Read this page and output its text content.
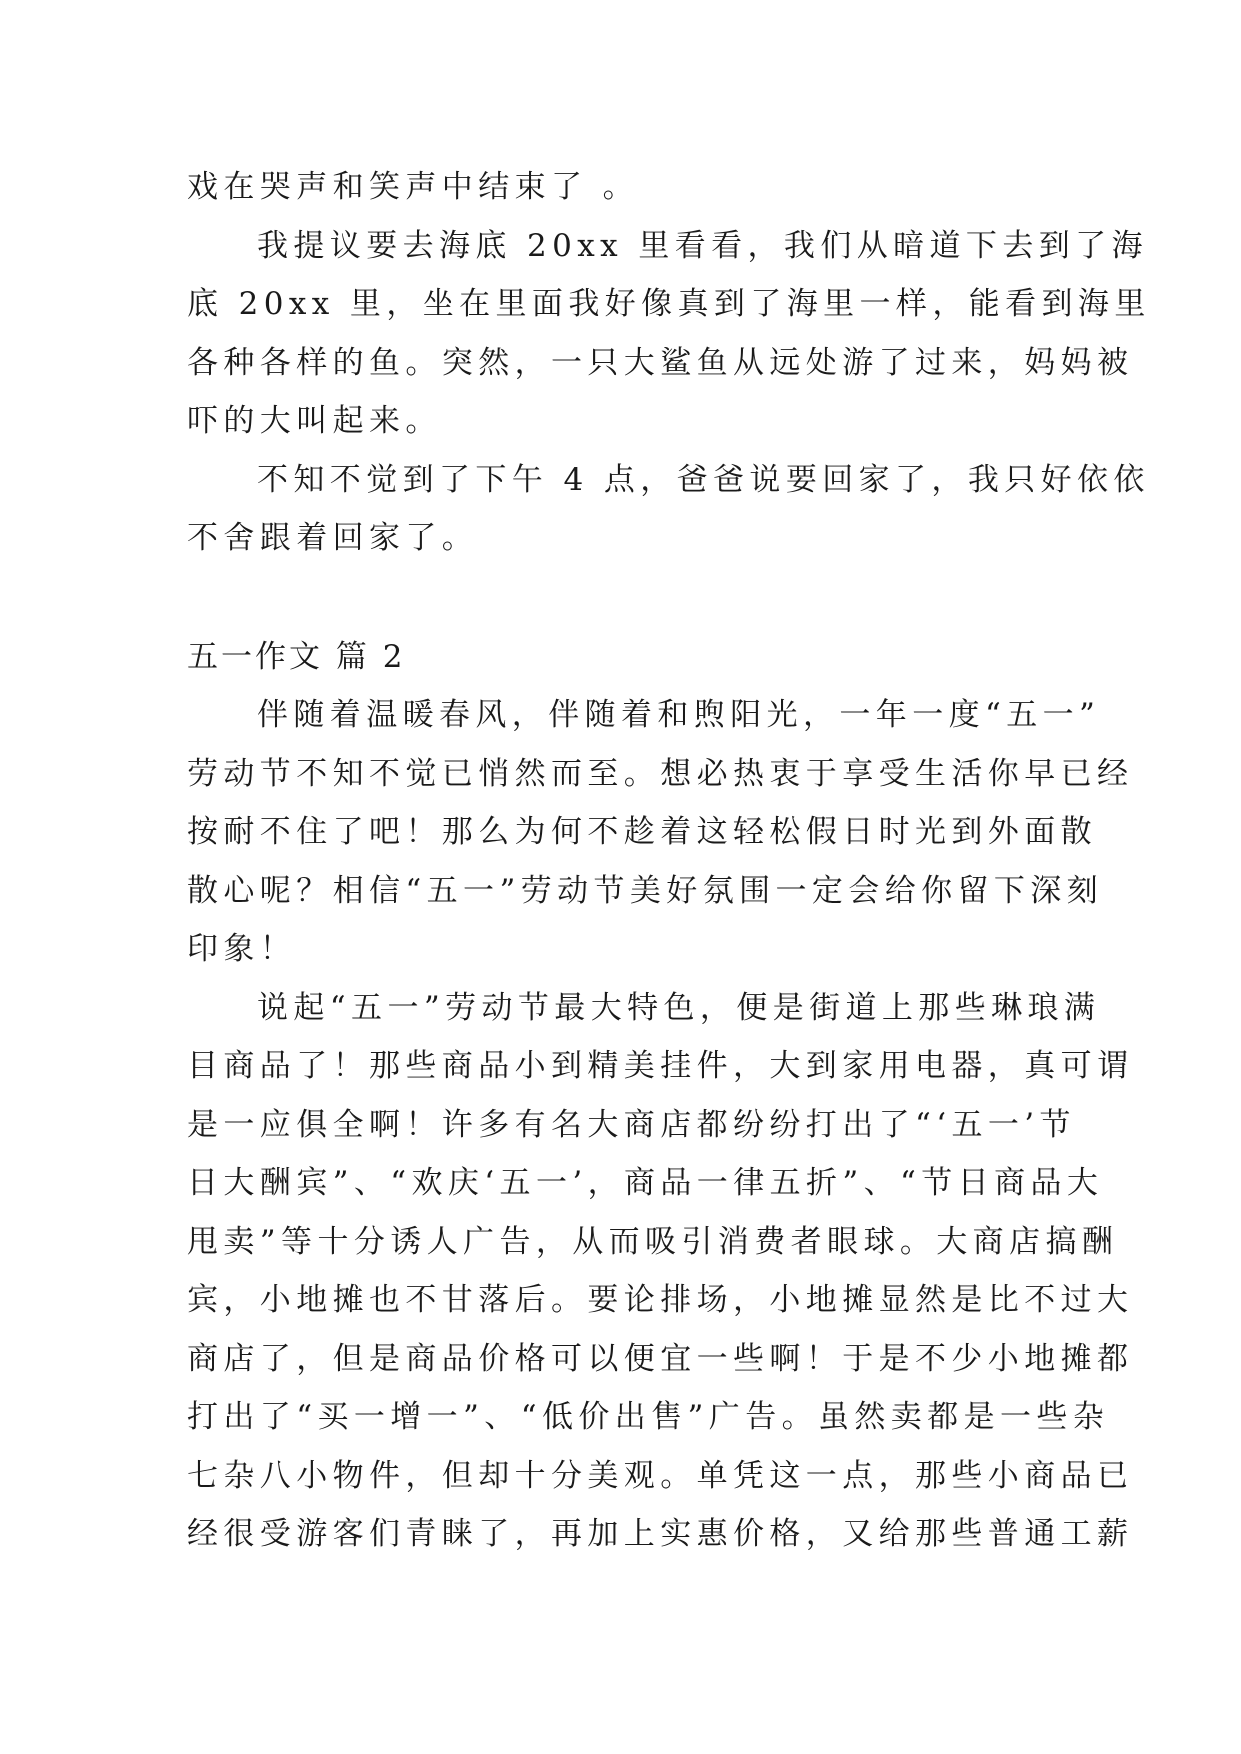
戏在哭声和笑声中结束了 。

我提议要去海底 20xx 里看看，我们从暗道下去到了海

底 20xx 里，坐在里面我好像真到了海里一样，能看到海里

各种各样的鱼。突然，一只大鲨鱼从远处游了过来，妈妈被

吓的大叫起来。

不知不觉到了下午 4 点，爸爸说要回家了，我只好依依

不舍跟着回家了。

五一作文 篇 2

伴随着温暖春风，伴随着和煦阳光，一年一度“五一”

劳动节不知不觉已悄然而至。想必热衷于享受生活你早已经

按耐不住了吧！那么为何不趁着这轻松假日时光到外面散

散心呢？相信“五一”劳动节美好氛围一定会给你留下深刻

印象！

说起“五一”劳动节最大特色，便是街道上那些琳琅满

目商品了！那些商品小到精美挂件，大到家用电器，真可谓

是一应俱全啊！许多有名大商店都纷纷打出了“‘五一’节

日大酬宾”、“欢庆‘五一’，商品一律五折”、“节日商品大

甩卖”等十分诱人广告，从而吸引消费者眼球。大商店搞酬

宾，小地摊也不甘落后。要论排场，小地摊显然是比不过大

商店了，但是商品价格可以便宜一些啊！于是不少小地摊都

打出了“买一增一”、“低价出售”广告。虽然卖都是一些杂

七杂八小物件，但却十分美观。单凭这一点，那些小商品已

经很受游客们青睐了，再加上实惠价格，又给那些普通工薪
